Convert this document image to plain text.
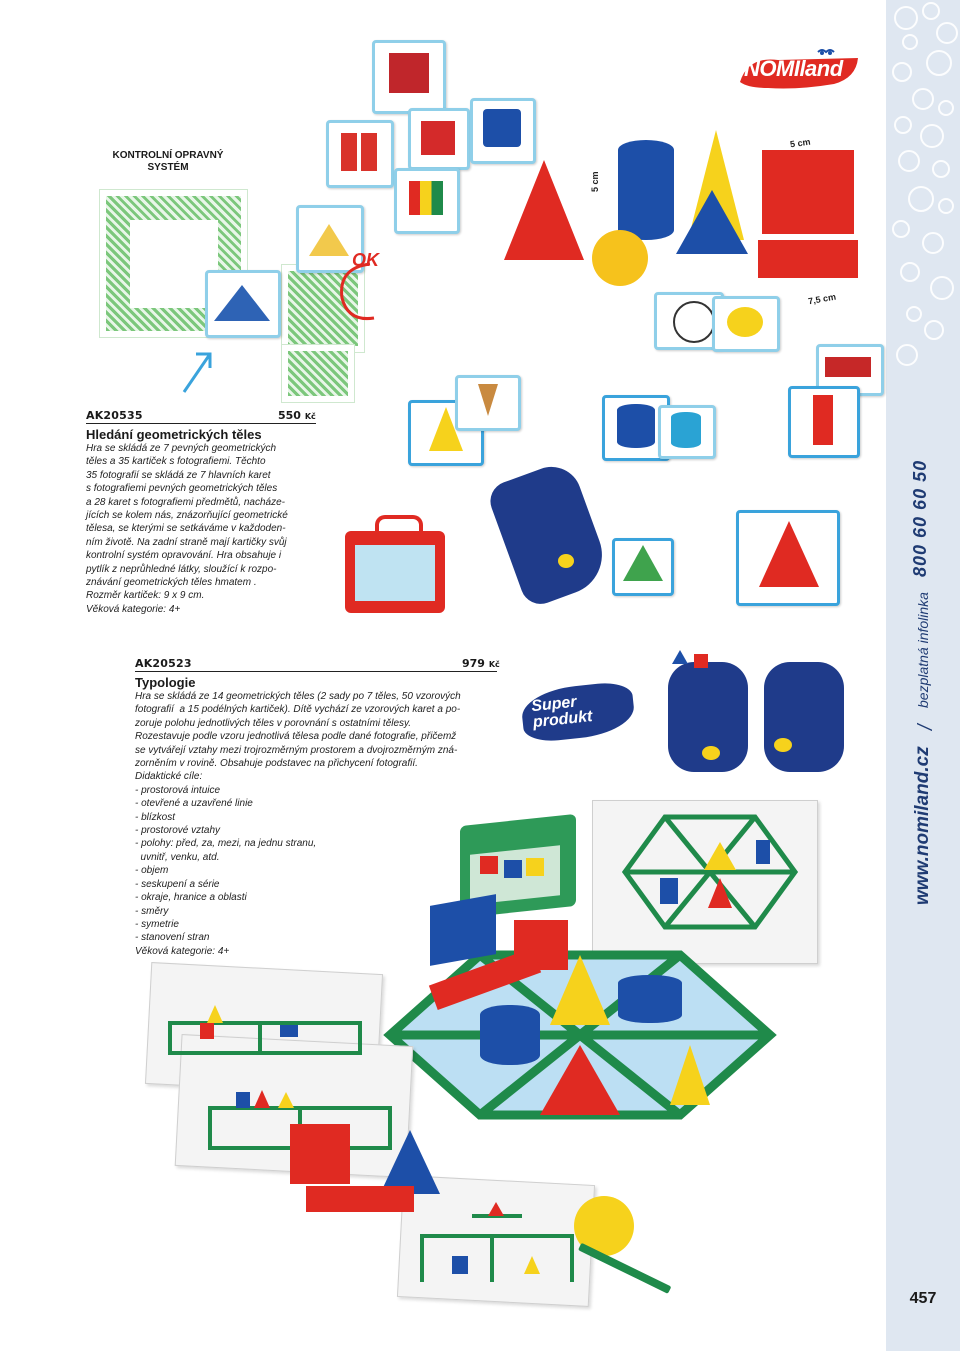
www.nomiland.cz
/
bezplatná infolinka
800 60 60 50
457
NOMIland
KONTROLNÍ OPRAVNÝ SYSTÉM
OK
5 cm
5 cm
7,5 cm
AK20535	550 Kč
Hledání geometrických těles
Hra se skládá ze 7 pevných geometrických
těles a 35 kartiček s fotografiemi. Těchto
35 fotografií se skládá ze 7 hlavních karet
s fotografiemi pevných geometrických těles
a 28 karet s fotografiemi předmětů, nacháze-
jících se kolem nás, znázorňující geometrické
tělesa, se kterými se setkáváme v každoden-
ním životě. Na zadní straně mají kartičky svůj
kontrolní systém opravování. Hra obsahuje i
pytlík z neprůhledné látky, sloužící k rozpo-
znávání geometrických těles hmatem .
Rozměr kartiček: 9 x 9 cm.
Věková kategorie: 4+
Super produkt
AK20523	979 Kč
Typologie
Hra se skládá ze 14 geometrických těles (2 sady po 7 těles, 50 vzorových
fotografií  a 15 podélných kartiček). Dítě vychází ze vzorových karet a po-
zoruje polohu jednotlivých těles v porovnání s ostatními tělesy.
Rozestavuje podle vzoru jednotlivá tělesa podle dané fotografie, přičemž
se vytvářejí vztahy mezi trojrozměrným prostorem a dvojrozměrným zná-
zorněním v rovině. Obsahuje podstavec na přichycení fotografií.
Didaktické cíle:
- prostorová intuice
- otevřené a uzavřené linie
- blízkost
- prostorové vztahy
- polohy: před, za, mezi, na jednu stranu,
uvnitř, venku, atd.
- objem
- seskupení a série
- okraje, hranice a oblasti
- směry
- symetrie
- stanovení stran
Věková kategorie: 4+
